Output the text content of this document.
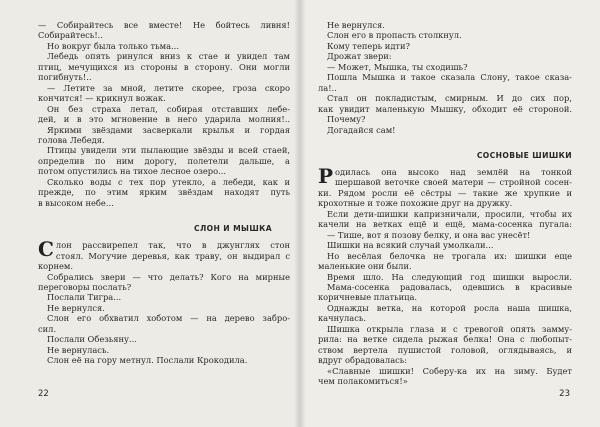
— Собирайтесь все вместе! Не бойтесь ливня!
Собирайтесь!..
Но вокруг была только тьма...
Лебедь опять ринулся вниз к стае и увидел там
птиц, мечущихся из стороны в сторону. Они могли
погибнуть!..
— Летите за мной, летите скорее, гроза скоро
кончится! — крикнул вожак.
Он без страха летал, собирая отставших лебе-
дей, и в это мгновение в него ударила молния!..
Яркими звёздами засверкали крылья и гордая
голова Лебедя.
Птицы увидели эти пылающие звёзды и всей стаей,
определив по ним дорогу, полетели дальше, а
потом опустились на тихое лесное озеро...
Сколько воды с тех пор утекло, а лебеди, как и
прежде, по этим ярким звёздам находят путь
в высоком небе...
СЛОН И МЫШКА
С лон рассвирепел так, что в джунглях стон
стоял. Могучие деревья, как траву, он выдирал с
корнем.
Собрались звери — что делать? Кого на мирные
переговоры послать?
Послали Тигра...
Не вернулся.
Слон его обхватил хоботом — на дерево забро-
сил.
Послали Обезьяну...
Не вернулась.
Слон её на гору метнул. Послали Крокодила.
22
Не вернулся.
Слон его в пропасть столкнул.
Кому теперь идти?
Дрожат звери:
— Может, Мышка, ты сходишь?
Пошла Мышка и такое сказала Слону, такое сказа-
ла!..
Стал он покладистым, смирным. И до сих пор,
как увидит маленькую Мышку, обходит её стороной.
Почему?
Догадайся сам!
СОСНОВЫЕ ШИШКИ
Р одилась она высоко над землёй на тонкой
шершавой веточке своей матери — стройной сосен-
ки. Рядом росли её сёстры — такие же хрупкие и
крохотные и тоже похожие друг на дружку.
Если дети-шишки капризничали, просили, чтобы их
качели на ветках ещё и ещё, мама-сосенка пугала:
— Тише, вот я позову белку, и она вас унесёт!
Шишки на всякий случай умолкали...
Но весёлая белочка не трогала их: шишки еще
маленькие они были.
Время шло. На следующий год шишки выросли.
Мама-сосенка радовалась, одевшись в красивые
коричневые платьица.
Однажды ветка, на которой росла наша шишка,
качнулась.
Шишка открыла глаза и с тревогой опять замму-
рила: на ветке сидела рыжая белка! Она с любопыт-
ством вертела пушистой головой, оглядываясь, и
вдруг обрадовалась:
«Славные шишки! Соберу-ка их на зиму. Будет
чем полакомиться!»
23
